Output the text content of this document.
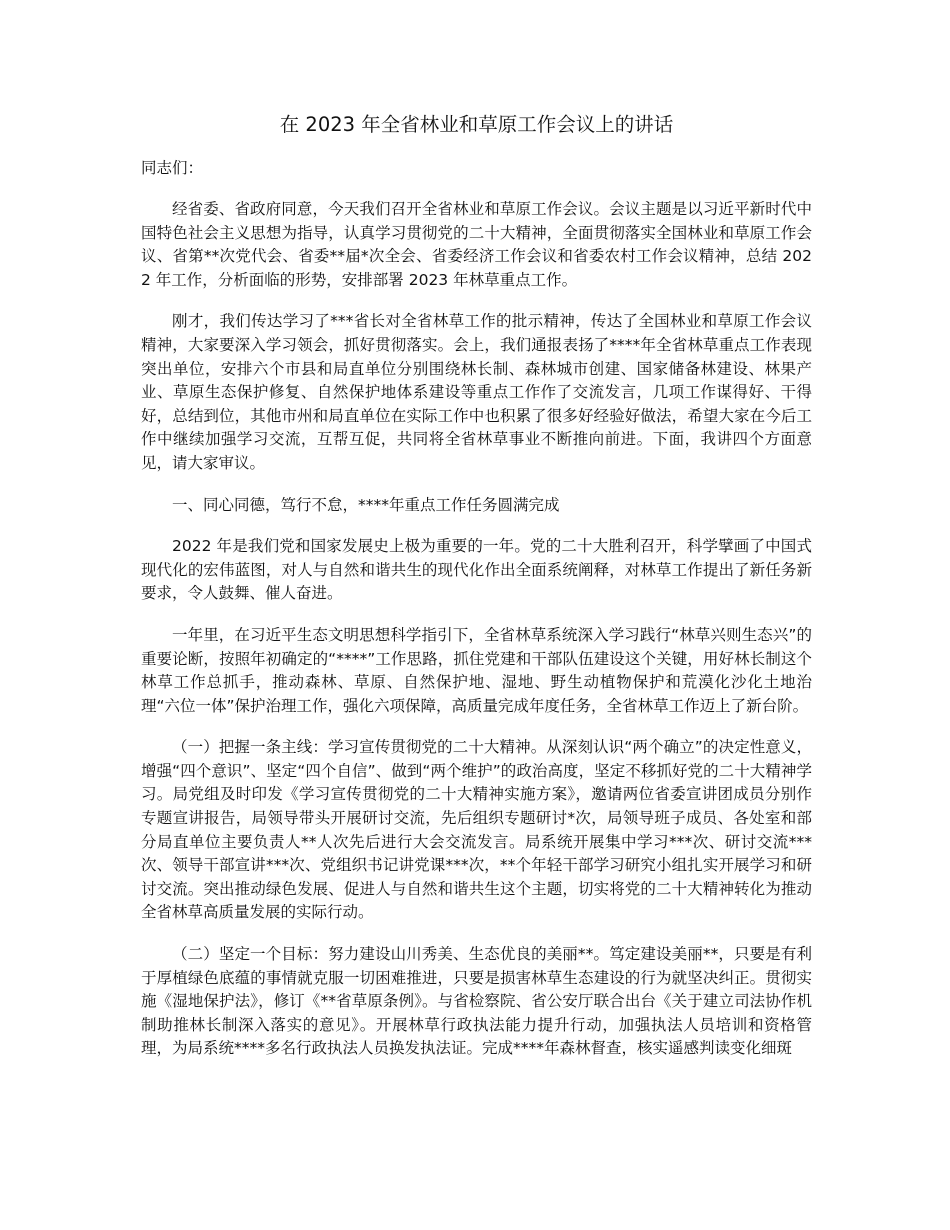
在 2023 年全省林业和草原工作会议上的讲话

同志们：

经省委、省政府同意，今天我们召开全省林业和草原工作会议。会议主题是以习近平新时代中国特色社会主义思想为指导，认真学习贯彻党的二十大精神，全面贯彻落实全国林业和草原工作会议、省第**次党代会、省委**届*次全会、省委经济工作会议和省委农村工作会议精神，总结 2022 年工作，分析面临的形势，安排部署 2023 年林草重点工作。

刚才，我们传达学习了***省长对全省林草工作的批示精神，传达了全国林业和草原工作会议精神，大家要深入学习领会，抓好贯彻落实。会上，我们通报表扬了****年全省林草重点工作表现突出单位，安排六个市县和局直单位分别围绕林长制、森林城市创建、国家储备林建设、林果产业、草原生态保护修复、自然保护地体系建设等重点工作作了交流发言，几项工作谋得好、干得好，总结到位，其他市州和局直单位在实际工作中也积累了很多好经验好做法，希望大家在今后工作中继续加强学习交流，互帮互促，共同将全省林草事业不断推向前进。下面，我讲四个方面意见，请大家审议。

一、同心同德，笃行不怠，****年重点工作任务圆满完成

2022 年是我们党和国家发展史上极为重要的一年。党的二十大胜利召开，科学擘画了中国式现代化的宏伟蓝图，对人与自然和谐共生的现代化作出全面系统阐释，对林草工作提出了新任务新要求，令人鼓舞、催人奋进。

一年里，在习近平生态文明思想科学指引下，全省林草系统深入学习践行“林草兴则生态兴”的重要论断，按照年初确定的“****”工作思路，抓住党建和干部队伍建设这个关键，用好林长制这个林草工作总抓手，推动森林、草原、自然保护地、湿地、野生动植物保护和荒漠化沙化土地治理“六位一体”保护治理工作，强化六项保障，高质量完成年度任务，全省林草工作迈上了新台阶。

（一）把握一条主线：学习宣传贯彻党的二十大精神。从深刻认识“两个确立”的决定性意义，增强“四个意识”、坚定“四个自信”、做到“两个维护”的政治高度，坚定不移抓好党的二十大精神学习。局党组及时印发《学习宣传贯彻党的二十大精神实施方案》，邀请两位省委宣讲团成员分别作专题宣讲报告，局领导带头开展研讨交流，先后组织专题研讨*次，局领导班子成员、各处室和部分局直单位主要负责人**人次先后进行大会交流发言。局系统开展集中学习***次、研讨交流***次、领导干部宣讲***次、党组织书记讲党课***次，**个年轻干部学习研究小组扎实开展学习和研讨交流。突出推动绿色发展、促进人与自然和谐共生这个主题，切实将党的二十大精神转化为推动全省林草高质量发展的实际行动。

（二）坚定一个目标：努力建设山川秀美、生态优良的美丽**。笃定建设美丽**，只要是有利于厚植绿色底蕴的事情就克服一切困难推进，只要是损害林草生态建设的行为就坚决纠正。贯彻实施《湿地保护法》，修订《**省草原条例》。与省检察院、省公安厅联合出台《关于建立司法协作机制助推林长制深入落实的意见》。开展林草行政执法能力提升行动，加强执法人员培训和资格管理，为局系统****多名行政执法人员换发执法证。完成****年森林督查，核实遥感判读变化细斑
